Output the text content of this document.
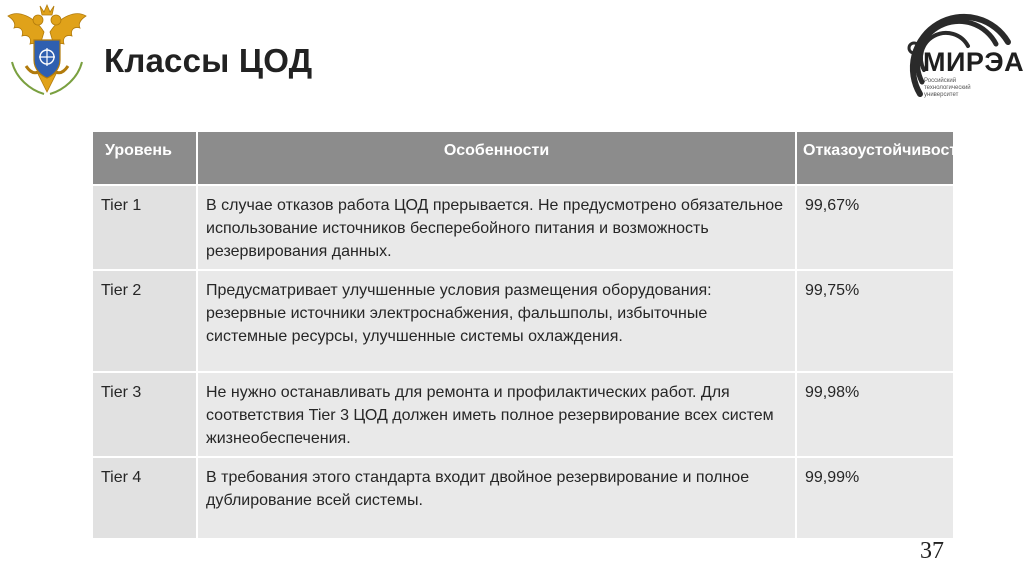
Классы ЦОД	МИРЭА
Российский
технологический
университет
Уровень	Особенности	Отказоустойчивость
Tier 1	В случае отказов работа ЦОД прерывается. Не предусмотрено обязательное использование источников бесперебойного питания и возможность резервирования данных.	99,67%
Tier 2	Предусматривает улучшенные условия размещения оборудования: резервные источники электроснабжения, фальшполы, избыточные системные ресурсы, улучшенные системы охлаждения.	99,75%
Tier 3	Не нужно останавливать для ремонта и профилактических работ. Для соответствия Tier 3 ЦОД должен иметь полное резервирование всех систем жизнеобеспечения.	99,98%
Tier 4	В требования этого стандарта входит двойное резервирование и полное дублирование всей системы.	99,99%
37
